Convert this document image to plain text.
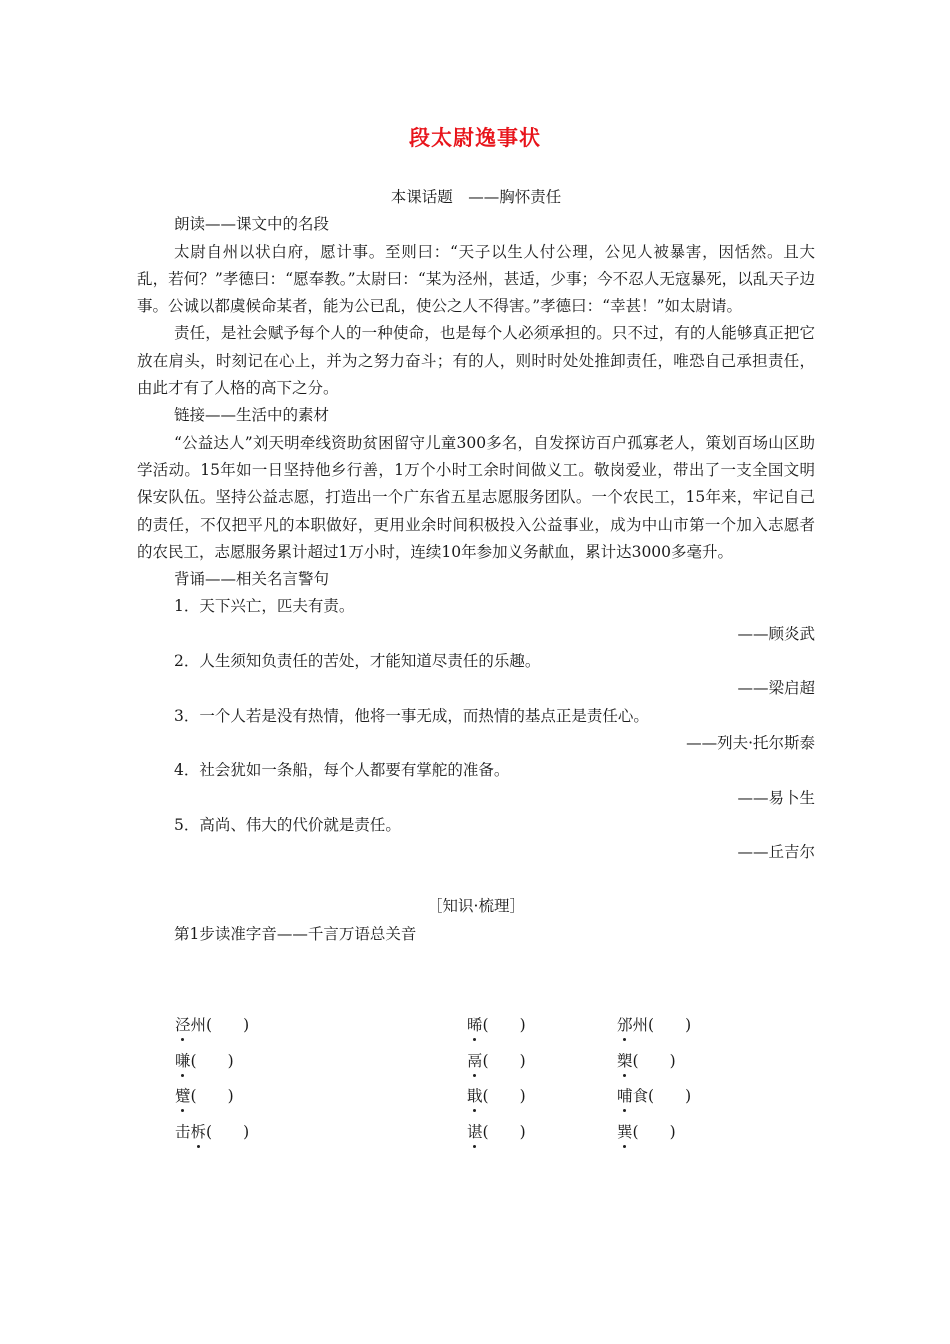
段太尉逸事状

本课话题　——胸怀责任

朗读——课文中的名段

太尉自州以状白府，愿计事。至则曰：“天子以生人付公理，公见人被暴害，因恬然。且大乱，若何？”孝德曰：“愿奉教。”太尉曰：“某为泾州，甚适，少事；今不忍人无寇暴死，以乱天子边事。公诚以都虞候命某者，能为公已乱，使公之人不得害。”孝德曰：“幸甚！”如太尉请。

责任，是社会赋予每个人的一种使命，也是每个人必须承担的。只不过，有的人能够真正把它放在肩头，时刻记在心上，并为之努力奋斗；有的人，则时时处处推卸责任，唯恐自己承担责任，由此才有了人格的高下之分。

链接——生活中的素材

“公益达人”刘天明牵线资助贫困留守儿童300多名，自发探访百户孤寡老人，策划百场山区助学活动。15年如一日坚持他乡行善，1万个小时工余时间做义工。敬岗爱业，带出了一支全国文明保安队伍。坚持公益志愿，打造出一个广东省五星志愿服务团队。一个农民工，15年来，牢记自己的责任，不仅把平凡的本职做好，更用业余时间积极投入公益事业，成为中山市第一个加入志愿者的农民工，志愿服务累计超过1万小时，连续10年参加义务献血，累计达3000多毫升。

背诵——相关名言警句

1．天下兴亡，匹夫有责。

——顾炎武

2．人生须知负责任的苦处，才能知道尽责任的乐趣。

——梁启超

3．一个人若是没有热情，他将一事无成，而热情的基点正是责任心。

——列夫·托尔斯泰

4．社会犹如一条船，每个人都要有掌舵的准备。

——易卜生

5．高尚、伟大的代价就是责任。

——丘吉尔

［知识·梳理］

第1步读准字音——千言万语总关音

泾州(　　)	晞(　　)	邠州(　　)
嗛(　　)	鬲(　　)	槊(　　)
躄(　　)	戢(　　)	哺食(　　)
击柝(　　)	谌(　　)	巽(　　)
